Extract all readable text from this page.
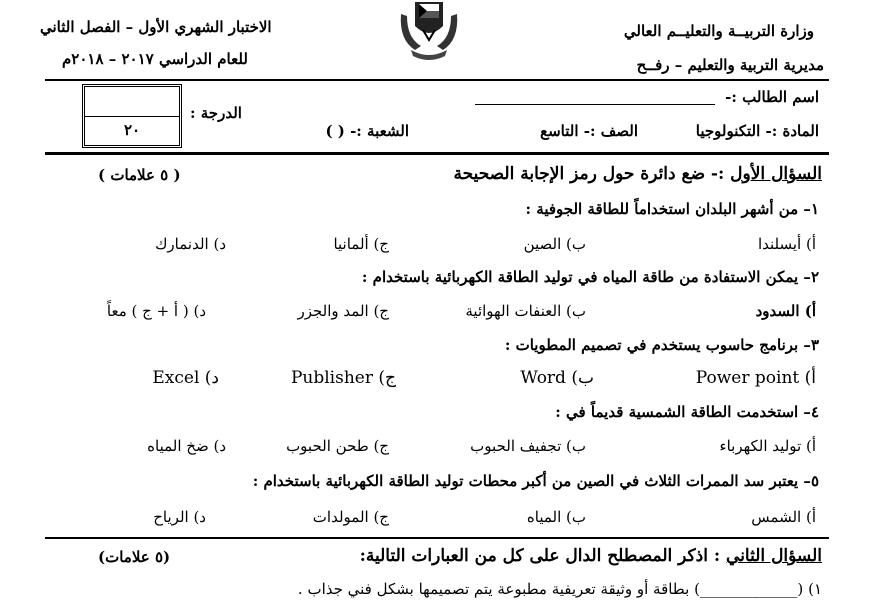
وزارة التربيــة والتعليــم العالي
مديرية التربية والتعليم – رفــح
الاختبار الشهري الأول – الفصل الثاني
للعام الدراسي ٢٠١٧ – ٢٠١٨م
اسم الطالب :-
المادة :- التكنولوجيا
الصف :- التاسع
الشعبة :- ( )
الدرجة :
٢٠
السؤال الأول :- ضع دائرة حول رمز الإجابة الصحيحة
( ٥ علامات )
١– من أشهر البلدان استخداماً للطاقة الجوفية :
أ) أيسلندا
ب) الصين
ج) ألمانيا
د) الدنمارك
٢– يمكن الاستفادة من طاقة المياه في توليد الطاقة الكهربائية باستخدام :
أ) السدود
ب) العنفات الهوائية
ج) المد والجزر
د) ( أ + ج ) معاً
٣– برنامج حاسوب يستخدم في تصميم المطويات :
أ) Power point
ب) Word
ج) Publisher
د) Excel
٤– استخدمت الطاقة الشمسية قديماً في :
أ) توليد الكهرباء
ب) تجفيف الحبوب
ج) طحن الحبوب
د) ضخ المياه
٥– يعتبر سد الممرات الثلاث في الصين من أكبر محطات توليد الطاقة الكهربائية باستخدام :
أ) الشمس
ب) المياه
ج) المولدات
د) الرياح
السؤال الثاني : اذكر المصطلح الدال على كل من العبارات التالية:
(٥ علامات)
١) (_____________) بطاقة أو وثيقة تعريفية مطبوعة يتم تصميمها بشكل فني جذاب .
